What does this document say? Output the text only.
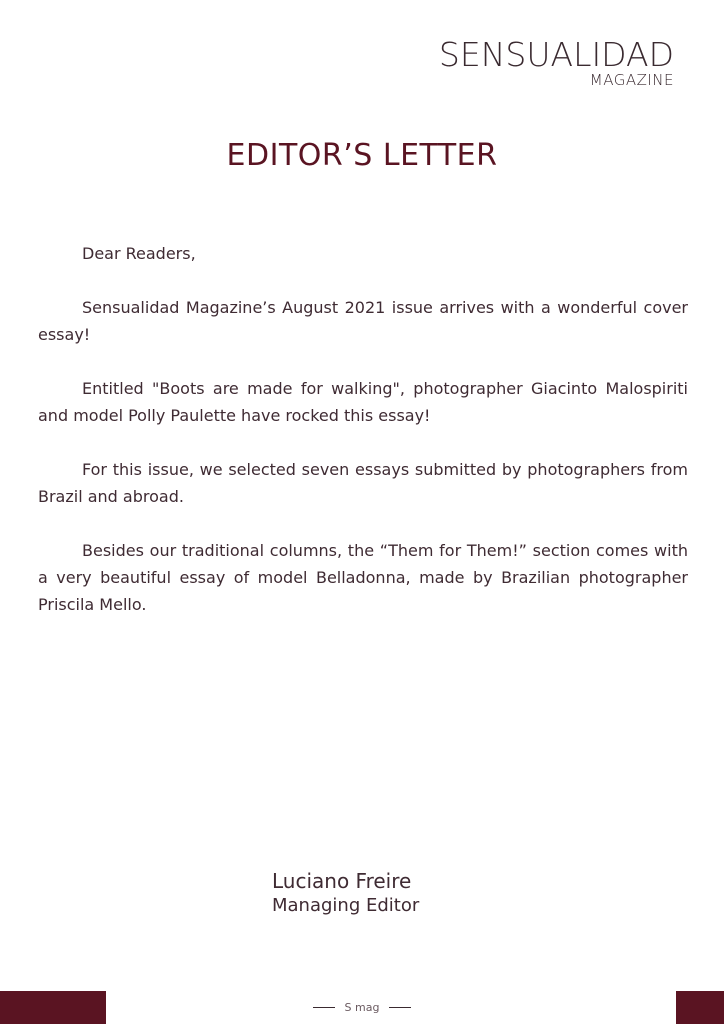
SENSUALIDAD
MAGAZINE
EDITOR’S LETTER

Dear Readers,

Sensualidad Magazine’s August 2021 issue arrives with a wonderful cover essay!

Entitled "Boots are made for walking", photographer Giacinto Malospiriti and model Polly Paulette have rocked this essay!

For this issue, we selected seven essays submitted by photographers from Brazil and abroad.

Besides our traditional columns, the “Them for Them!” section comes with a very beautiful essay of model Belladonna, made by Brazilian photographer Priscila Mello.

Luciano Freire
Managing Editor
S mag
